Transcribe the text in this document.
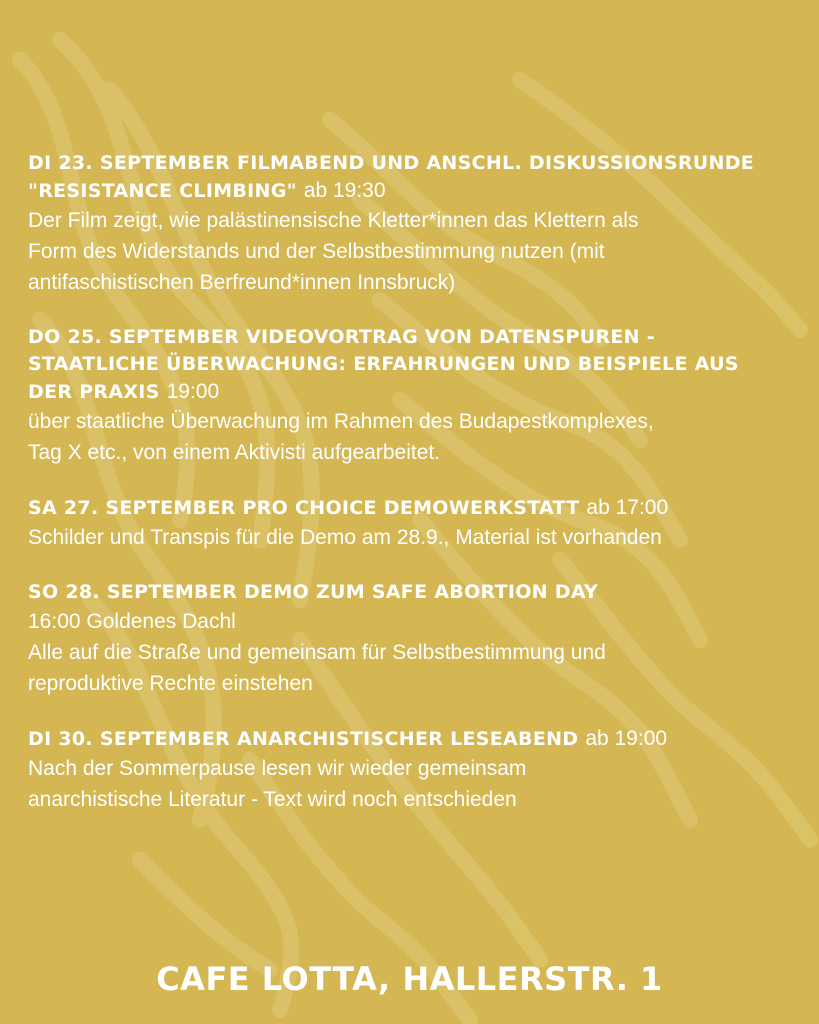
DI 23. SEPTEMBER FILMABEND UND ANSCHL. DISKUSSIONSRUNDE
"RESISTANCE CLIMBING" ab 19:30
Der Film zeigt, wie palästinensische Kletter*innen das Klettern als
Form des Widerstands und der Selbstbestimmung nutzen (mit
antifaschistischen Berfreund*innen Innsbruck)
DO 25. SEPTEMBER VIDEOVORTRAG VON DATENSPUREN -
STAATLICHE ÜBERWACHUNG: ERFAHRUNGEN UND BEISPIELE AUS
DER PRAXIS 19:00
über staatliche Überwachung im Rahmen des Budapestkomplexes,
Tag X etc., von einem Aktivisti aufgearbeitet.
SA 27. SEPTEMBER PRO CHOICE DEMOWERKSTATT ab 17:00
Schilder und Transpis für die Demo am 28.9., Material ist vorhanden
SO 28. SEPTEMBER DEMO ZUM SAFE ABORTION DAY
16:00 Goldenes Dachl
Alle auf die Straße und gemeinsam für Selbstbestimmung und
reproduktive Rechte einstehen
DI 30. SEPTEMBER ANARCHISTISCHER LESEABEND ab 19:00
Nach der Sommerpause lesen wir wieder gemeinsam
anarchistische Literatur - Text wird noch entschieden
CAFE LOTTA, HALLERSTR. 1
